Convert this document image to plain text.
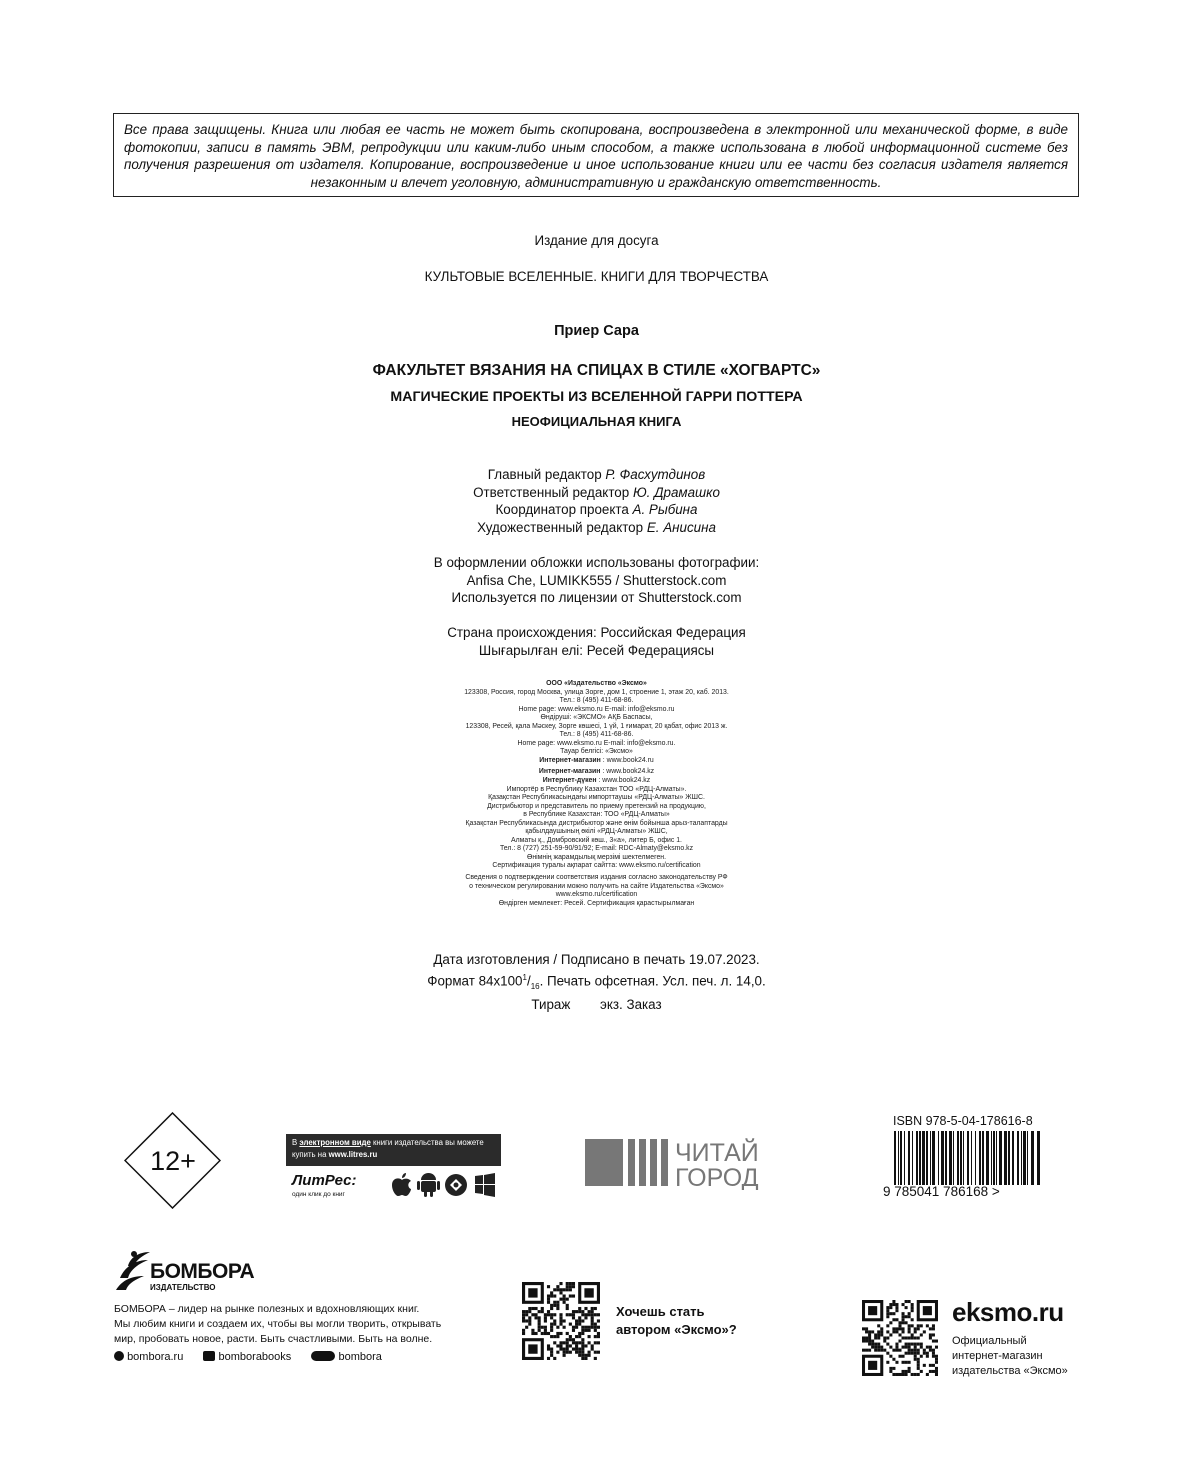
Все права защищены. Книга или любая ее часть не может быть скопирована, воспроизведена в электронной или механической форме, в виде фотокопии, записи в память ЭВМ, репродукции или каким-либо иным способом, а также использована в любой информационной системе без получения разрешения от издателя. Копирование, воспроизведение и иное использование книги или ее части без согласия издателя является незаконным и влечет уголовную, административную и гражданскую ответственность.
Издание для досуга
КУЛЬТОВЫЕ ВСЕЛЕННЫЕ. КНИГИ ДЛЯ ТВОРЧЕСТВА
Приер Сара
ФАКУЛЬТЕТ ВЯЗАНИЯ НА СПИЦАХ В СТИЛЕ «ХОГВАРТС»
МАГИЧЕСКИЕ ПРОЕКТЫ ИЗ ВСЕЛЕННОЙ ГАРРИ ПОТТЕРА
НЕОФИЦИАЛЬНАЯ КНИГА
Главный редактор Р. Фасхутдинов
Ответственный редактор Ю. Драмашко
Координатор проекта А. Рыбина
Художественный редактор Е. Анисина
В оформлении обложки использованы фотографии:
Anfisa Che, LUMIKK555 / Shutterstock.com
Используется по лицензии от Shutterstock.com
Страна происхождения: Российская Федерация
Шығарылған елі: Ресей Федерациясы
ООО «Издательство «Эксмо»
123308, Россия, город Москва, улица Зорге, дом 1, строение 1, этаж 20, каб. 2013.
Тел.: 8 (495) 411-68-86.
Home page: www.eksmo.ru E-mail: info@eksmo.ru
Өндіруші: «ЭКСМО» АҚБ Баспасы,
123308, Ресей, қала Мәскеу, Зорге көшесі, 1 үй, 1 ғимарат, 20 қабат, офис 2013 ж.
Тел.: 8 (495) 411-68-86.
Home page: www.eksmo.ru E-mail: info@eksmo.ru.
Тауар белгісі: «Эксмо»
Интернет-магазин : www.book24.ru
Интернет-магазин : www.book24.kz
Интернет-дүкен : www.book24.kz
Импортёр в Республику Казахстан ТОО «РДЦ-Алматы».
Қазақстан Республикасындағы импорттаушы «РДЦ-Алматы» ЖШС.
Дистрибьютор и представитель по приему претензий на продукцию,
в Республике Казахстан: ТОО «РДЦ-Алматы»
Қазақстан Республикасында дистрибьютор және өнім бойынша арыз-талаптарды
қабылдаушының өкілі «РДЦ-Алматы» ЖШС,
Алматы қ., Домбровский көш., 3«а», литер Б, офис 1.
Тел.: 8 (727) 251-59-90/91/92; E-mail: RDC-Almaty@eksmo.kz
Өнімнің жарамдылық мерзімі шектелмеген.
Сертификация туралы ақпарат сайтта: www.eksmo.ru/certification
Сведения о подтверждении соответствия издания согласно законодательству РФ
о техническом регулировании можно получить на сайте Издательства «Эксмо»
www.eksmo.ru/certification
Өндірген мемлекет: Ресей. Сертификация қарастырылмаған
Дата изготовления / Подписано в печать 19.07.2023.
Формат $84x100^1/_{16}$. Печать офсетная. Усл. печ. л. 14,0.
Тираж        экз. Заказ
12+
В электронном виде книги издательства вы можете
купить на www.litres.ru
ЛитРес:
один клик до книг
ЧИТАЙ
ГОРОД
ISBN 978-5-04-178616-8
9 785041 786168 >
БОМБОРА
ИЗДАТЕЛЬСТВО
БОМБОРА – лидер на рынке полезных и вдохновляющих книг.
Мы любим книги и создаем их, чтобы вы могли творить, открывать
мир, пробовать новое, расти. Быть счастливыми. Быть на волне.
bombora.ru	bomborabooks	bombora
Хочешь стать
автором «Эксмо»?
eksmo.ru
Официальный
интернет-магазин
издательства «Эксмо»
